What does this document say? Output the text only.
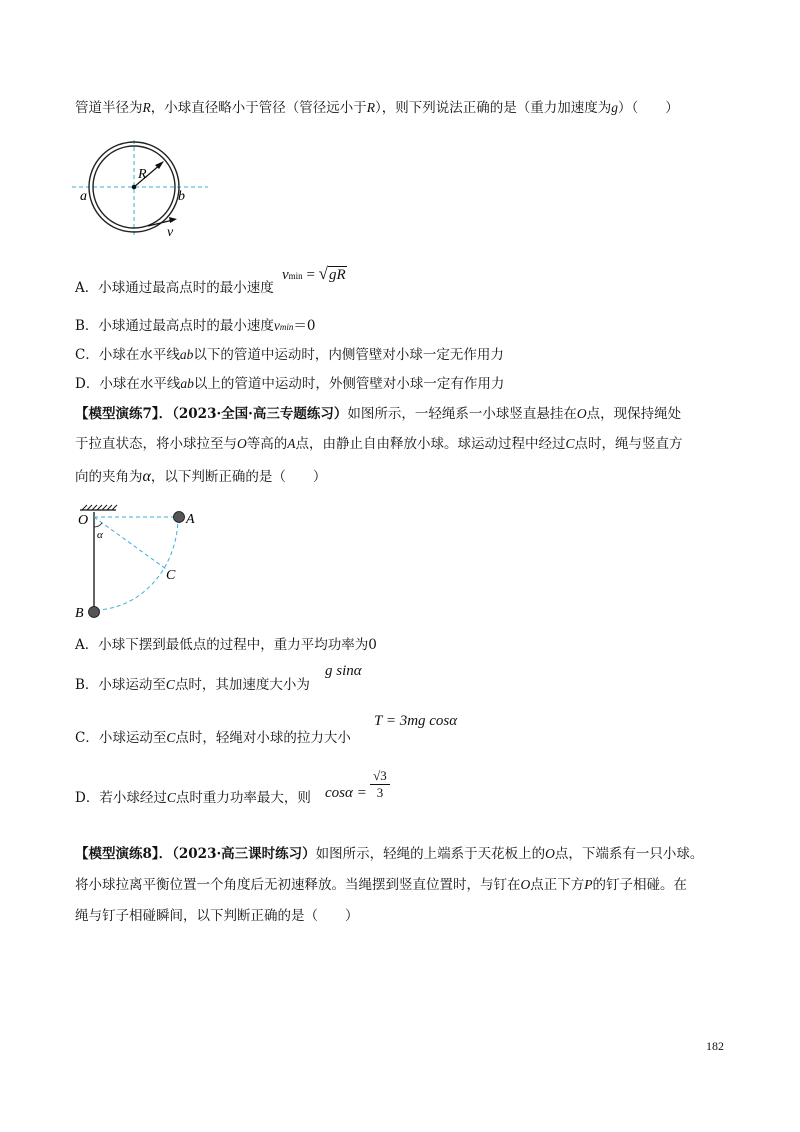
管道半径为R，小球直径略小于管径（管径远小于R），则下列说法正确的是（重力加速度为g）（　　）
R
a	b
v
A．小球通过最高点时的最小速度
vmin = √gR
B．小球通过最高点时的最小速度vmin＝0
C．小球在水平线ab以下的管道中运动时，内侧管壁对小球一定无作用力
D．小球在水平线ab以上的管道中运动时，外侧管壁对小球一定有作用力
【模型演练7】．（2023·全国·高三专题练习）如图所示，一轻绳系一小球竖直悬挂在O点，现保持绳处
于拉直状态，将小球拉至与O等高的A点，由静止自由释放小球。球运动过程中经过C点时，绳与竖直方
向的夹角为α，以下判断正确的是（　　）
O	A
C
B
α
A．小球下摆到最低点的过程中，重力平均功率为0
B．小球运动至C点时，其加速度大小为
g sinα
C．小球运动至C点时，轻绳对小球的拉力大小
T = 3mg cosα
D．若小球经过C点时重力功率最大，则 $\cos\alpha = \frac{√3}{3}$
【模型演练8】．（2023·高三课时练习）如图所示，轻绳的上端系于天花板上的O点，下端系有一只小球。
将小球拉离平衡位置一个角度后无初速释放。当绳摆到竖直位置时，与钉在O点正下方P的钉子相碰。在
绳与钉子相碰瞬间，以下判断正确的是（　　）
182
